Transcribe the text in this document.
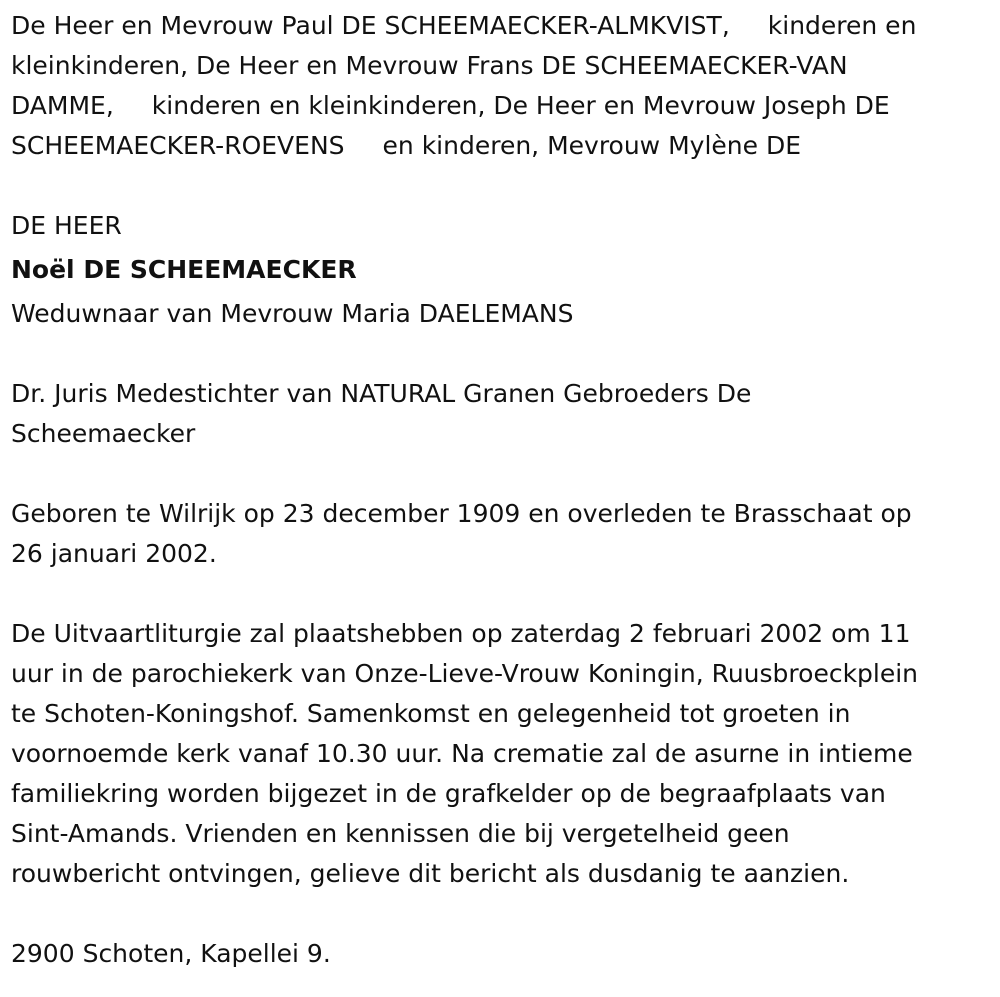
De Heer en Mevrouw Paul DE SCHEEMAECKER-ALMKVIST, kinderen en
kleinkinderen, De Heer en Mevrouw Frans DE SCHEEMAECKER-VAN
DAMME, kinderen en kleinkinderen, De Heer en Mevrouw Joseph DE
SCHEEMAECKER-ROEVENS en kinderen, Mevrouw Mylène DE

DE HEER
Noël DE SCHEEMAECKER
Weduwnaar van Mevrouw Maria DAELEMANS

Dr. Juris Medestichter van NATURAL Granen Gebroeders De
Scheemaecker

Geboren te Wilrijk op 23 december 1909 en overleden te Brasschaat op
26 januari 2002.

De Uitvaartliturgie zal plaatshebben op zaterdag 2 februari 2002 om 11
uur in de parochiekerk van Onze-Lieve-Vrouw Koningin, Ruusbroeckplein
te Schoten-Koningshof. Samenkomst en gelegenheid tot groeten in
voornoemde kerk vanaf 10.30 uur. Na crematie zal de asurne in intieme
familiekring worden bijgezet in de grafkelder op de begraafplaats van
Sint-Amands. Vrienden en kennissen die bij vergetelheid geen
rouwbericht ontvingen, gelieve dit bericht als dusdanig te aanzien.

2900 Schoten, Kapellei 9.
